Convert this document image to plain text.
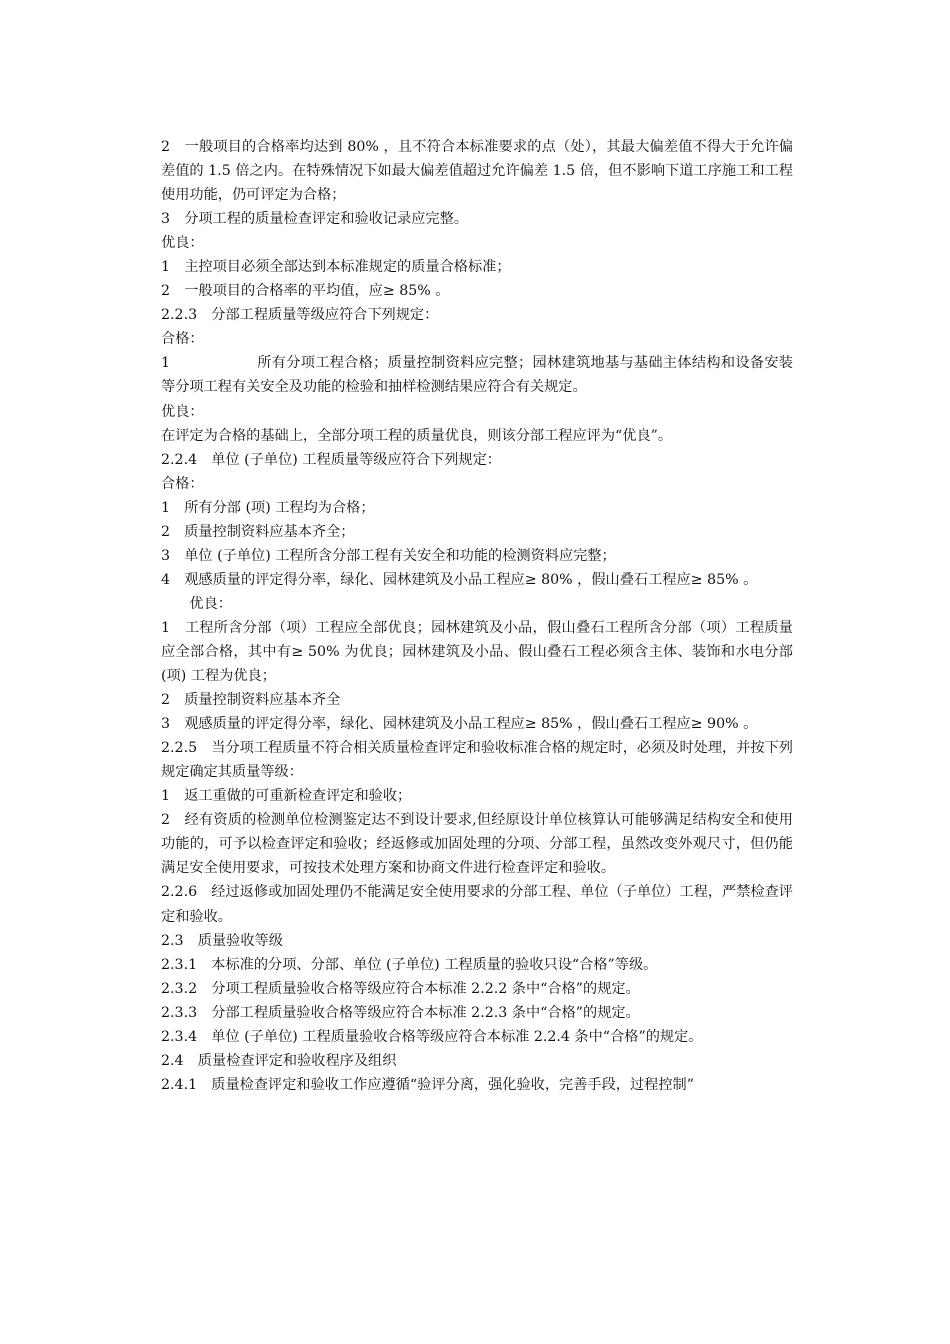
2　一般项目的合格率均达到 80% ，且不符合本标准要求的点（处），其最大偏差值不得大于允许偏差值的 1.5 倍之内。在特殊情况下如最大偏差值超过允许偏差 1.5 倍，但不影响下道工序施工和工程使用功能，仍可评定为合格；

3　分项工程的质量检查评定和验收记录应完整。

优良：

1　主控项目必须全部达到本标准规定的质量合格标准；

2　一般项目的合格率的平均值，应≥ 85% 。

2.2.3　分部工程质量等级应符合下列规定：

合格：

1　　　　　　所有分项工程合格；质量控制资料应完整；园林建筑地基与基础主体结构和设备安装等分项工程有关安全及功能的检验和抽样检测结果应符合有关规定。

优良：

在评定为合格的基础上，全部分项工程的质量优良，则该分部工程应评为“优良”。

2.2.4　单位 (子单位) 工程质量等级应符合下列规定：

合格：

1　所有分部 (项) 工程均为合格；

2　质量控制资料应基本齐全；

3　单位 (子单位) 工程所含分部工程有关安全和功能的检测资料应完整；

4　观感质量的评定得分率，绿化、园林建筑及小品工程应≥ 80% ，假山叠石工程应≥ 85% 。

　　优良：

1　工程所含分部（项）工程应全部优良；园林建筑及小品，假山叠石工程所含分部（项）工程质量应全部合格，其中有≥ 50% 为优良；园林建筑及小品、假山叠石工程必须含主体、装饰和水电分部 (项) 工程为优良；

2　质量控制资料应基本齐全

3　观感质量的评定得分率，绿化、园林建筑及小品工程应≥ 85% ，假山叠石工程应≥ 90% 。

2.2.5　当分项工程质量不符合相关质量检查评定和验收标准合格的规定时，必须及时处理，并按下列规定确定其质量等级：

1　返工重做的可重新检查评定和验收；

2　经有资质的检测单位检测鉴定达不到设计要求,但经原设计单位核算认可能够满足结构安全和使用功能的，可予以检查评定和验收；经返修或加固处理的分项、分部工程，虽然改变外观尺寸，但仍能满足安全使用要求，可按技术处理方案和协商文件进行检查评定和验收。

2.2.6　经过返修或加固处理仍不能满足安全使用要求的分部工程、单位（子单位）工程，严禁检查评定和验收。

2.3　质量验收等级

2.3.1　本标准的分项、分部、单位 (子单位) 工程质量的验收只设“合格”等级。

2.3.2　分项工程质量验收合格等级应符合本标准 2.2.2 条中“合格”的规定。

2.3.3　分部工程质量验收合格等级应符合本标准 2.2.3 条中“合格”的规定。

2.3.4　单位 (子单位) 工程质量验收合格等级应符合本标准 2.2.4 条中“合格”的规定。

2.4　质量检查评定和验收程序及组织

2.4.1　质量检查评定和验收工作应遵循“验评分离，强化验收，完善手段，过程控制”
